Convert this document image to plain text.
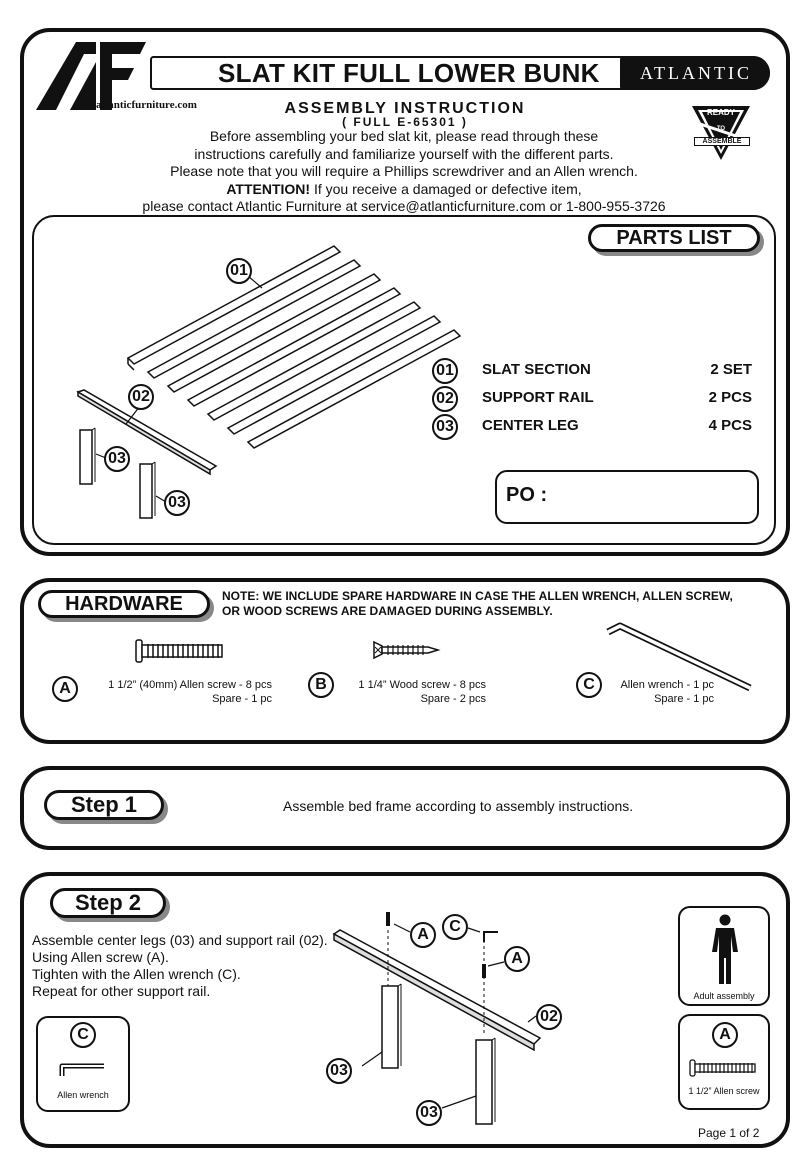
atlanticfurniture.com
SLAT KIT FULL LOWER BUNK ATLANTIC
READY
TO
ASSEMBLE
ASSEMBLY INSTRUCTION
( FULL E-65301 )
Before assembling your bed slat kit, please read through these
instructions carefully and familiarize yourself with the different parts.
Please note that you will require a Phillips screwdriver and an Allen wrench.
ATTENTION! If you receive a damaged or defective item,
please contact Atlantic Furniture at service@atlanticfurniture.com or 1-800-955-3726
PARTS LIST
01
02
03
03
01 SLAT SECTION	2 SET
02 SUPPORT RAIL	2 PCS
03 CENTER LEG	4 PCS
PO :
HARDWARE	NOTE: WE INCLUDE SPARE HARDWARE IN CASE THE ALLEN WRENCH, ALLEN SCREW,
OR WOOD SCREWS ARE DAMAGED DURING ASSEMBLY.
A	1 1/2” (40mm) Allen screw - 8 pcs
Spare - 1 pc
B	1 1/4” Wood screw - 8 pcs
Spare - 2 pcs
C	Allen wrench - 1 pc
Spare - 1 pc
Step 1	Assemble bed frame according to assembly instructions.
Step 2
Assemble center legs (03) and support rail (02).
Using Allen screw (A).
Tighten with the Allen wrench (C).
Repeat for other support rail.
C
Allen wrench
A	C
A
02
03
03
Adult assembly
A
1 1/2” Allen screw
Page 1 of 2
